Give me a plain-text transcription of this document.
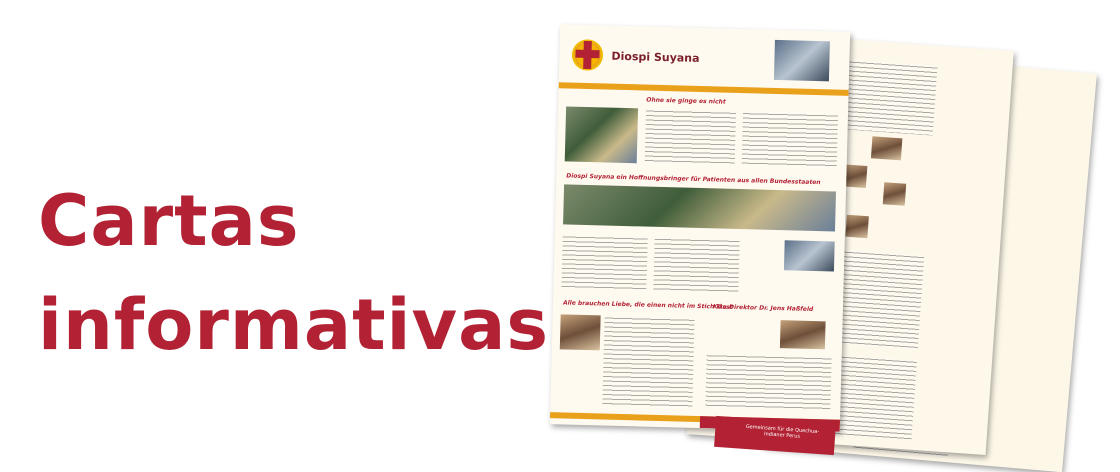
Cartas
informativas
Diospi Suyana
Ohne sie ginge es nicht
Diospi Suyana ein Hoffnungsbringer für Patienten aus allen Bundesstaaten
Alle brauchen Liebe, die einen nicht im Stich lässt
Kita-Direktor Dr. Jens Haßfeld
Gemeinsam für die Quechua-Indianer Perus
